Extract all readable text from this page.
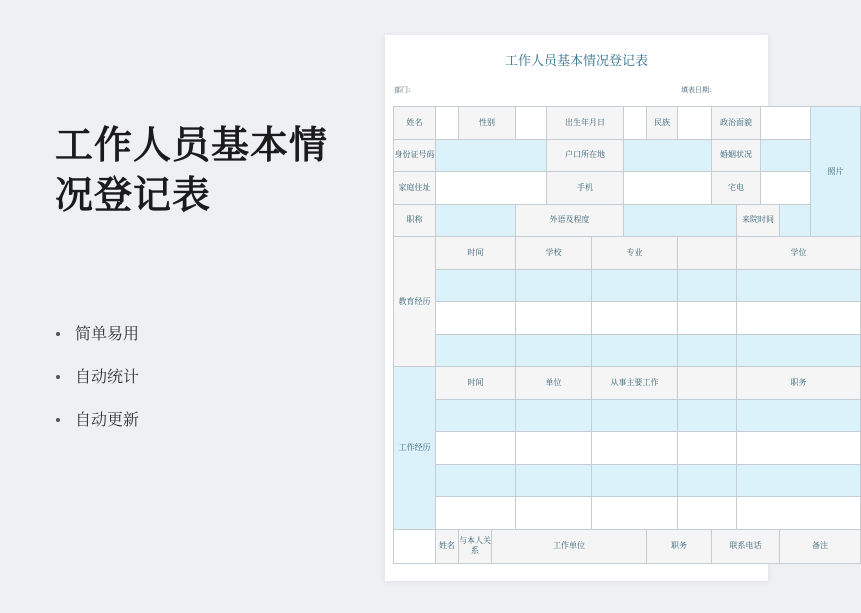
工作人员基本情况登记表
简单易用
自动统计
自动更新
工作人员基本情况登记表
部门:	填表日期:
姓名		性别			出生年月日			民族		政治面貌				照片
身份证号码					户口所在地					婚姻状况				
家庭住址					手机					宅电				
职称				外语及程度							来院时间			
教育经历	时间			学校		专业					学位			

工作经历	时间			单位		从事主要工作					职务			

	姓名	与本人关系	工作单位					职务		联系电话			备注	
